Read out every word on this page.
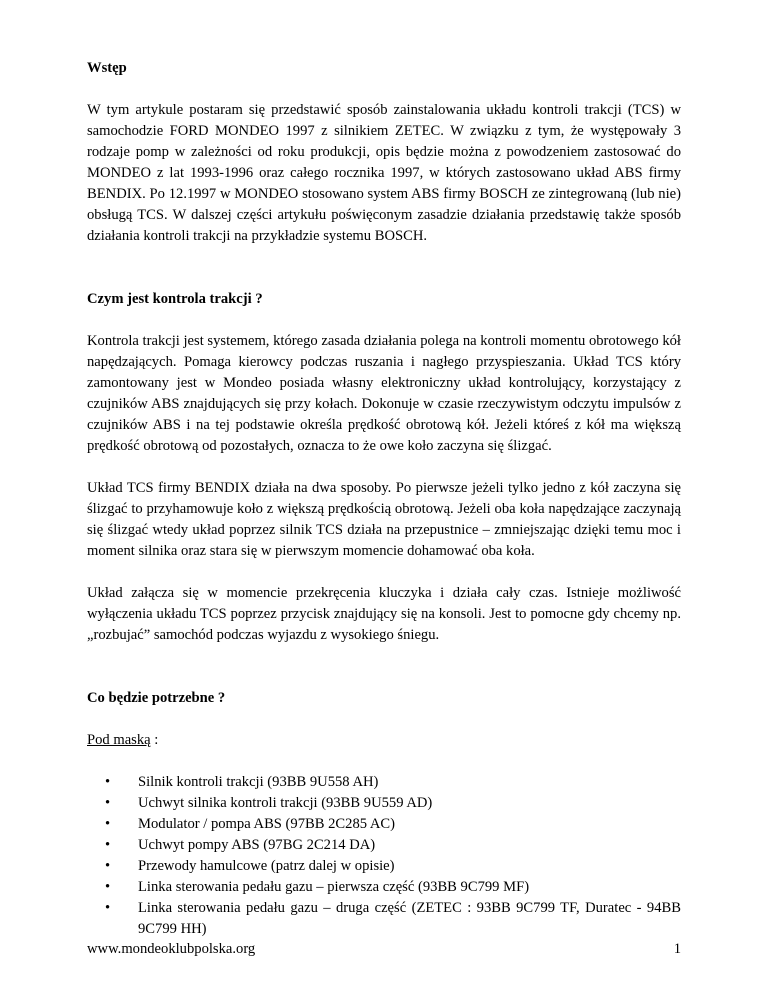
Wstęp

W tym artykule postaram się przedstawić sposób zainstalowania układu kontroli trakcji (TCS) w samochodzie FORD MONDEO 1997 z silnikiem ZETEC. W związku z tym, że występowały 3 rodzaje pomp w zależności od roku produkcji, opis będzie można z powodzeniem zastosować do MONDEO z lat 1993-1996 oraz całego rocznika 1997, w których zastosowano układ ABS firmy BENDIX. Po 12.1997 w MONDEO stosowano system ABS firmy BOSCH ze zintegrowaną (lub nie) obsługą TCS. W dalszej części artykułu poświęconym zasadzie działania przedstawię także sposób działania kontroli trakcji na przykładzie systemu BOSCH.

Czym jest kontrola trakcji ?

Kontrola trakcji jest systemem, którego zasada działania polega na kontroli momentu obrotowego kół napędzających. Pomaga kierowcy podczas ruszania i nagłego przyspieszania. Układ TCS który zamontowany jest w Mondeo posiada własny elektroniczny układ kontrolujący, korzystający z czujników ABS znajdujących się przy kołach. Dokonuje w czasie rzeczywistym odczytu impulsów z czujników ABS i na tej podstawie określa prędkość obrotową kół. Jeżeli któreś z kół ma większą prędkość obrotową od pozostałych, oznacza to że owe koło zaczyna się ślizgać.

Układ TCS firmy BENDIX działa na dwa sposoby. Po pierwsze jeżeli tylko jedno z kół zaczyna się ślizgać to przyhamowuje koło z większą prędkością obrotową. Jeżeli oba koła napędzające zaczynają się ślizgać wtedy układ poprzez silnik TCS działa na przepustnice – zmniejszając dzięki temu moc i moment silnika oraz stara się w pierwszym momencie dohamować oba koła.

Układ załącza się w momencie przekręcenia kluczyka i działa cały czas. Istnieje możliwość wyłączenia układu TCS poprzez przycisk znajdujący się na konsoli. Jest to pomocne gdy chcemy np. „rozbujać” samochód podczas wyjazdu z wysokiego śniegu.

Co będzie potrzebne ?
Pod maską :
• Silnik kontroli trakcji (93BB 9U558 AH)
• Uchwyt silnika kontroli trakcji (93BB 9U559 AD)
• Modulator / pompa ABS (97BB 2C285 AC)
• Uchwyt pompy ABS (97BG 2C214 DA)
• Przewody hamulcowe (patrz dalej w opisie)
• Linka sterowania pedału gazu – pierwsza część (93BB 9C799 MF)
• Linka sterowania pedału gazu – druga część (ZETEC : 93BB 9C799 TF, Duratec - 94BB 9C799 HH)
www.mondeoklubpolska.org	1
